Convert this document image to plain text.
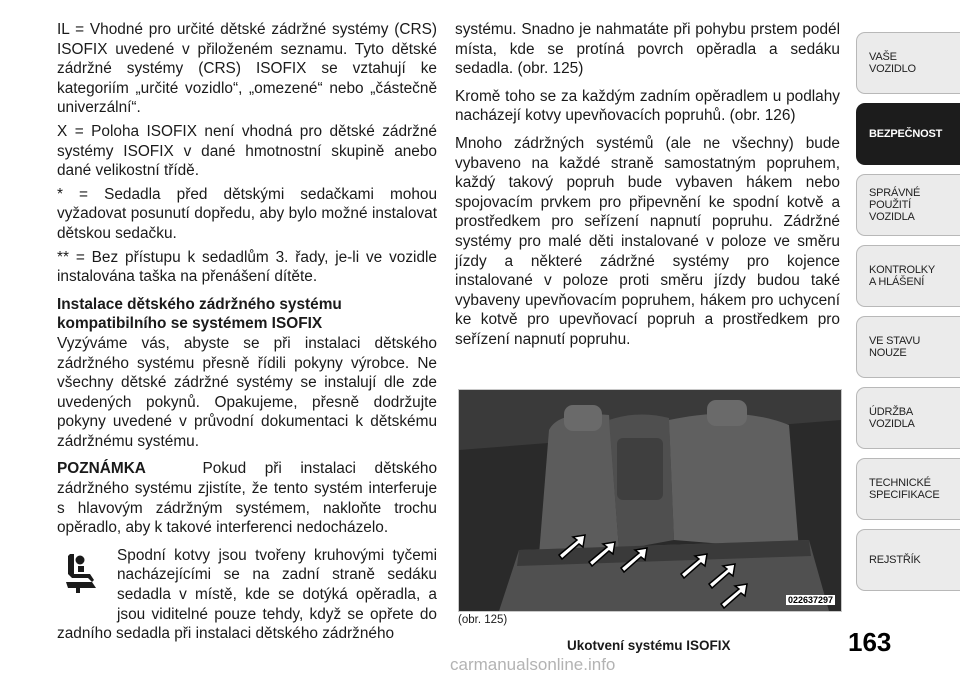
IL = Vhodné pro určité dětské zádržné systémy (CRS) ISOFIX uvedené v přiloženém seznamu. Tyto dětské zádržné systémy (CRS) ISOFIX se vztahují ke kategoriím „určité vozidlo“, „omezené“ nebo „částečně univerzální“.

X = Poloha ISOFIX není vhodná pro dětské zádržné systémy ISOFIX v dané hmotnostní skupině anebo dané velikostní třídě.

* = Sedadla před dětskými sedačkami mohou vyžadovat posunutí dopředu, aby bylo možné instalovat dětskou sedačku.

** = Bez přístupu k sedadlům 3. řady, je-li ve vozidle instalována taška na přenášení dítěte.

Instalace dětského zádržného systému
kompatibilního se systémem ISOFIX

Vyzýváme vás, abyste se při instalaci dětského zádržného systému přesně řídili pokyny výrobce. Ne všechny dětské zádržné systémy se instalují dle zde uvedených pokynů. Opakujeme, přesně dodržujte pokyny uvedené v průvodní dokumentaci k dětskému zádržnému systému.

POZNÁMKA	Pokud při instalaci dětského zádržného systému zjistíte, že tento systém interferuje s hlavovým zádržným systémem, nakloňte trochu opěradlo, aby k takové interferenci nedocházelo.

Spodní kotvy jsou tvořeny kruhovými tyčemi nacházejícími se na zadní straně sedáku sedadla v místě, kde se dotýká opěradla, a jsou viditelné pouze tehdy, když se opřete do zadního sedadla při instalaci dětského zádržného

systému. Snadno je nahmatáte při pohybu prstem podél místa, kde se protíná povrch opěradla a sedáku sedadla. (obr. 125)

Kromě toho se za každým zadním opěradlem u podlahy nacházejí kotvy upevňovacích popruhů. (obr. 126)

Mnoho zádržných systémů (ale ne všechny) bude vybaveno na každé straně samostatným popruhem, každý takový popruh bude vybaven hákem nebo spojovacím prvkem pro připevnění ke spodní kotvě a prostředkem pro seřízení napnutí popruhu. Zádržné systémy pro malé děti instalované v poloze ve směru jízdy a některé zádržné systémy pro kojence instalované v poloze proti směru jízdy budou také vybaveny upevňovacím popruhem, hákem pro uchycení ke kotvě pro upevňovací popruh a prostředkem pro seřízení napnutí popruhu.

022637297
(obr. 125)
Ukotvení systému ISOFIX	163
VAŠE
VOZIDLO
BEZPEČNOST
SPRÁVNÉ
POUŽITÍ
VOZIDLA
KONTROLKY
A HLÁŠENÍ
VE STAVU
NOUZE
ÚDRŽBA
VOZIDLA
TECHNICKÉ
SPECIFIKACE
REJSTŘÍK
carmanualsonline.info
